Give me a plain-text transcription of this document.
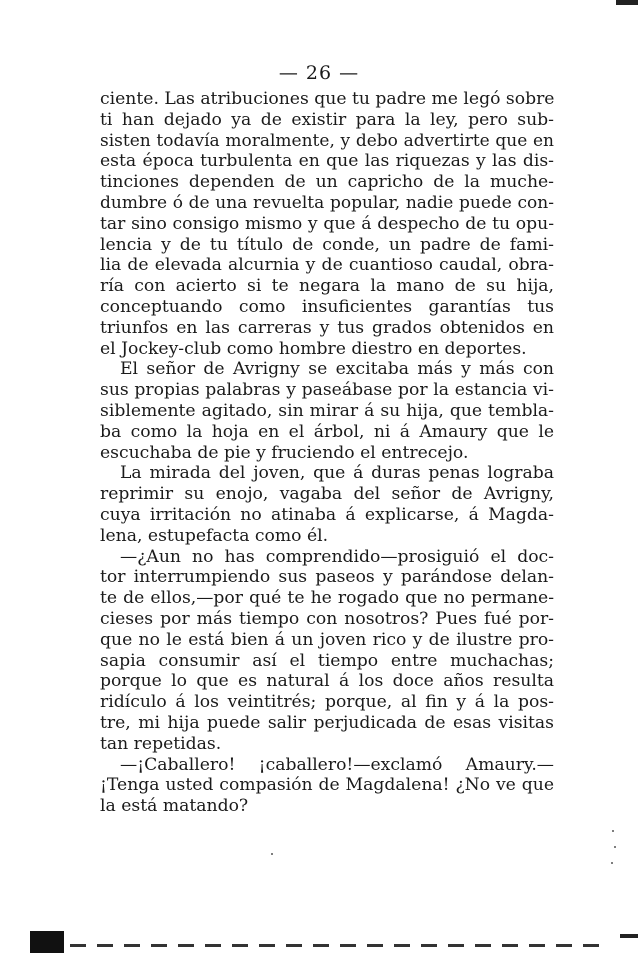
— 26 —
ciente. Las atribuciones que tu padre me legó sobre
ti han dejado ya de existir para la ley, pero sub-
sisten todavía moralmente, y debo advertirte que en
esta época turbulenta en que las riquezas y las dis-
tinciones dependen de un capricho de la muche-
dumbre ó de una revuelta popular, nadie puede con-
tar sino consigo mismo y que á despecho de tu opu-
lencia y de tu título de conde, un padre de fami-
lia de elevada alcurnia y de cuantioso caudal, obra-
ría con acierto si te negara la mano de su hija,
conceptuando como insuficientes garantías tus
triunfos en las carreras y tus grados obtenidos en
el Jockey-club como hombre diestro en deportes.
El señor de Avrigny se excitaba más y más con
sus propias palabras y paseábase por la estancia vi-
siblemente agitado, sin mirar á su hija, que tembla-
ba como la hoja en el árbol, ni á Amaury que le
escuchaba de pie y fruciendo el entrecejo.
La mirada del joven, que á duras penas lograba
reprimir su enojo, vagaba del señor de Avrigny,
cuya irritación no atinaba á explicarse, á Magda-
lena, estupefacta como él.
—¿Aun no has comprendido—prosiguió el doc-
tor interrumpiendo sus paseos y parándose delan-
te de ellos,—por qué te he rogado que no permane-
cieses por más tiempo con nosotros? Pues fué por-
que no le está bien á un joven rico y de ilustre pro-
sapia consumir así el tiempo entre muchachas;
porque lo que es natural á los doce años resulta
ridículo á los veintitrés; porque, al fin y á la pos-
tre, mi hija puede salir perjudicada de esas visitas
tan repetidas.
—¡Caballero! ¡caballero!—exclamó Amaury.—
¡Tenga usted compasión de Magdalena! ¿No ve que
la está matando?
